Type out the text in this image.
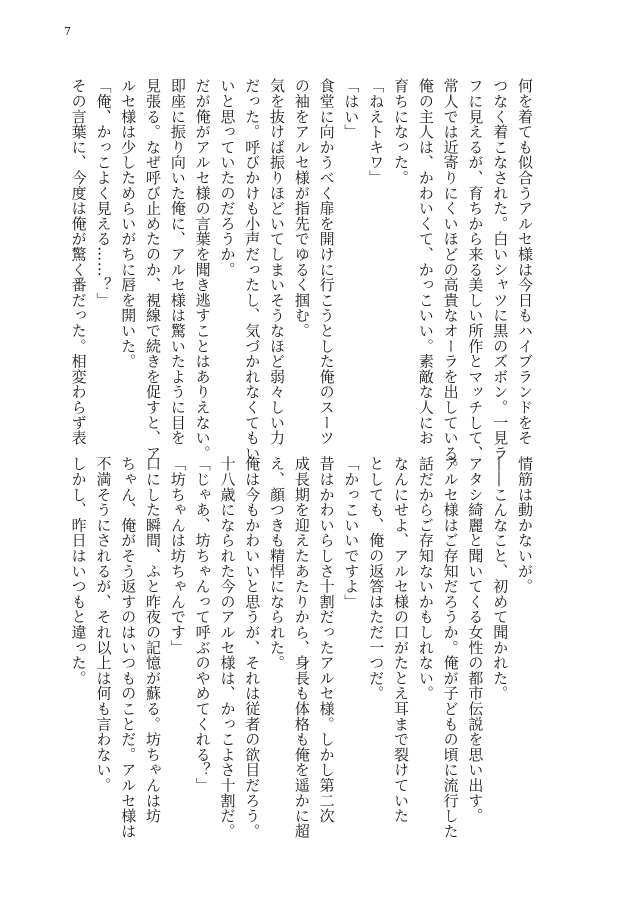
7
何を着ても似合うアルセ様は今日もハイブランドをそ
つなく着こなされた。白いシャツに黒のズボン。一見ラ
フに見えるが、育ちから来る美しい所作とマッチして、
常人では近寄りにくいほどの高貴なオーラを出している。
俺の主人は、かわいくて、かっこいい。素敵な人にお
育ちになった。
「ねえトキワ」
「はい」
食堂に向かうべく扉を開けに行こうとした俺のスーツ
の袖をアルセ様が指先でゆるく掴む。
気を抜けば振りほどいてしまいそうなほど弱々しい力
だった。呼びかけも小声だったし、気づかれなくてもい
いと思っていたのだろうか。
だが俺がアルセ様の言葉を聞き逃すことはありえない。
即座に振り向いた俺に、アルセ様は驚いたように目を
見張る。なぜ呼び止めたのか、視線で続きを促すと、ア
ルセ様は少しためらいがちに唇を開いた。
「俺、かっこよく見える……？」
その言葉に、今度は俺が驚く番だった。相変わらず表
情筋は動かないが。
――こんなこと、初めて聞かれた。
アタシ綺麗と聞いてくる女性の都市伝説を思い出す。
アルセ様はご存知だろうか。俺が子どもの頃に流行した
話だからご存知ないかもしれない。
なんにせよ、アルセ様の口がたとえ耳まで裂けていた
としても、俺の返答はただ一つだ。
「かっこいいですよ」
昔はかわいらしさ十割だったアルセ様。しかし第二次
成長期を迎えたあたりから、身長も体格も俺を遥かに超
え、顔つきも精悍になられた。
俺は今もかわいいと思うが、それは従者の欲目だろう。
十八歳になられた今のアルセ様は、かっこよさ十割だ。
「じゃあ、坊ちゃんって呼ぶのやめてくれる？」
「坊ちゃんは坊ちゃんです」
口にした瞬間、ふと昨夜の記憶が蘇る。坊ちゃんは坊
ちゃん、俺がそう返すのはいつものことだ。アルセ様は
不満そうにされるが、それ以上は何も言わない。
しかし、昨日はいつもと違った。
